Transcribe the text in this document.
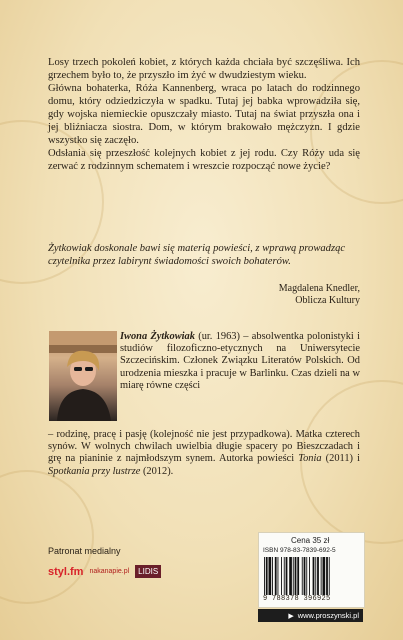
Losy trzech pokoleń kobiet, z których każda chciała być szczęśliwa. Ich grzechem było to, że przyszło im żyć w dwudziestym wieku.

Główna bohaterka, Róża Kannenberg, wraca po latach do rodzinnego domu, który odziedziczyła w spadku. Tutaj jej babka wprowadziła się, gdy wojska niemieckie opuszczały miasto. Tutaj na świat przyszła ona i jej bliźniacza siostra. Dom, w którym brakowało mężczyzn. I gdzie wszystko się zaczęło.

Odsłania się przeszłość kolejnych kobiet z jej rodu. Czy Róży uda się zerwać z rodzinnym schematem i wreszcie rozpocząć nowe życie?

Żytkowiak doskonale bawi się materią powieści, z wprawą prowadząc czytelnika przez labirynt świadomości swoich bohaterów.
Magdalena Knedler,
Oblicza Kultury
Iwona Żytkowiak (ur. 1963) – absolwentka polonistyki i studiów filozoficzno-etycznych na Uniwersytecie Szczecińskim. Członek Związku Literatów Polskich. Od urodzenia mieszka i pracuje w Barlinku. Czas dzieli na w miarę równe części
– rodzinę, pracę i pasję (kolejność nie jest przypadkowa). Matka czterech synów. W wolnych chwilach uwielbia długie spacery po Bieszczadach i grę na pianinie z najmłodszym synem. Autorka powieści Tonia (2011) i Spotkania przy lustrze (2012).
Patronat medialny
styl.fm nakanapie.pl	LIDIS
Cena 35 zł
ISBN 978-83-7839-692-5
9 788378 396925
▶ www.proszynski.pl
